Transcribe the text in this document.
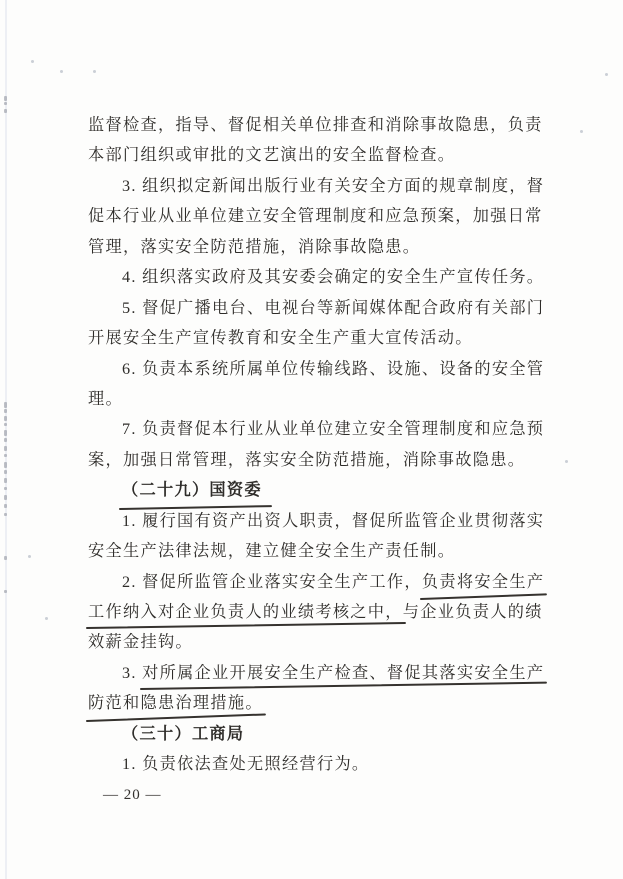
监督检查，指导、督促相关单位排查和消除事故隐患，负责
本部门组织或审批的文艺演出的安全监督检查。
3. 组织拟定新闻出版行业有关安全方面的规章制度，督
促本行业从业单位建立安全管理制度和应急预案，加强日常
管理，落实安全防范措施，消除事故隐患。
4. 组织落实政府及其安委会确定的安全生产宣传任务。
5. 督促广播电台、电视台等新闻媒体配合政府有关部门
开展安全生产宣传教育和安全生产重大宣传活动。
6. 负责本系统所属单位传输线路、设施、设备的安全管
理。
7. 负责督促本行业从业单位建立安全管理制度和应急预
案，加强日常管理，落实安全防范措施，消除事故隐患。
（二十九）国资委
1. 履行国有资产出资人职责，督促所监管企业贯彻落实
安全生产法律法规，建立健全安全生产责任制。
2. 督促所监管企业落实安全生产工作，负责将安全生产
工作纳入对企业负责人的业绩考核之中，与企业负责人的绩
效薪金挂钩。
3. 对所属企业开展安全生产检查、督促其落实安全生产
防范和隐患治理措施。
（三十）工商局
1. 负责依法查处无照经营行为。
— 20 —
